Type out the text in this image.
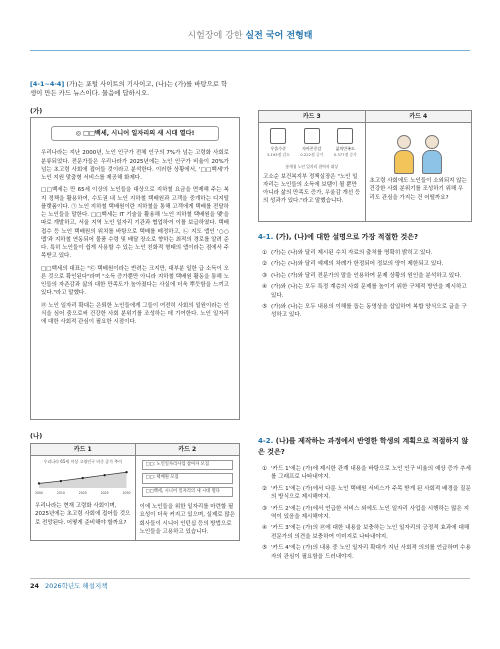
시험장에 강한 실전 국어 전형태
[4-1~4-4] (가)는 포털 사이트의 기사이고, (나)는 (가)를 바탕으로 학생이 만든 카드 뉴스이다. 물음에 답하시오.
(가)
◎ □□백세, 시니어 일자리의 새 시대 열다!

우리나라는 지난 2000년, 노인 인구가 전체 인구의 7%가 넘는 고령화 사회로 분류되었다. 전문가들은 우리나라가 2025년에는 노인 인구가 비율이 20%가 넘는 초고령 사회에 접어들 것이라고 분석한다. 이러한 상황에서, '□□백세'가 노인 지원 맞춤형 서비스를 제공해 화제다.

□□백세는 만 65세 이상의 노인들을 대상으로 지하철 요금을 면제해 주는 복지 정책을 활용하여, 수도권 내 노인 지하철 택배원과 고객을 중개하는 디지털 플랫폼이다. ㉠ 노인 지하철 택배원이란 지하철을 통해 고객에게 택배를 전달하는 노인들을 말한다. □□백세는 IT 기술을 활용해 '노인 지하철 택배원을 맺'을 따로 개발하고, 서울 지역 노인 일자리 기관과 협업하여 이를 보급하였다. 택배 접수 등 노인 택배원의 위치를 바탕으로 택배를 배정하고, ㉡ 지도 앱인 '○○맵'과 지하철 연동되어 물품 수령 및 배달 장소로 향하는 최적의 경로를 알려 준다. 특히 노인들이 쉽게 사용할 수 있는 노인 친화적 형태의 앱이라는 점에서 주목받고 있다.

□□백세의 대표는 "㉢ 택배원이라는 반려는 크지만, 대부분 일한 급 소득이 오른 것으로 확인된다"라며 "소득 증가뿐만 아니라 지하철 택배원 활동을 통해 노인들의 자존감과 삶의 대한 만족도가 높아졌다는 사실에 더욱 뿌듯함을 느끼고 있다."라고 말했다.

㉣ 노인 일자리 확대는 은퇴한 노인들에게 그들이 여전히 사회의 일원이라는 인식을 심어 줌으로써 건강한 사회 분위기를 조성하는 데 기여한다. 노인 일자리에 대한 사회적 관심이 필요한 시점이다.

(나)
카드 1
우리나라 65세 이상 고령인구 비중 증가 추이
2000	2010	2020	2025	2030
우리나라는 현재 고령화 사회이며, 2025년에는 초고령 사회에 접어들 것으로 전망된다. 어떻게 준비해야 할까요?
카드 2
□□: 노인일자리사업 참여자 모집
□□: 택배원 모집
□□백세, 시니어 일자리의 새 시대 열다
이에 노인들을 위한 일자리를 마련할 필요성이 더욱 커지고 있으며, 실제로 많은 회사들이 시니어 인턴십 등의 방법으로 노인들을 고용하고 있습니다.
카드 3
우울수준
3.193점 감소
자아존중감
0.222점 증가
삶의만족도
0.377점 증가
통계청 노인 일자리 참여자 대상
고소순 보건복지부 정책실장은 "노인 일자리는 노인들의 소득에 보탬이 될 뿐만 아니라 삶의 만족도 증가, 우울감 개선 등의 성과가 있다."라고 말했습니다.
카드 4
초고령 사회에도 노인들이 소외되지 않는 건강한 사회 분위기를 조성하기 위해 우리도 관심을 가지는 건 어떨까요?
4-1. (가), (나)에 대한 설명으로 가장 적절한 것은?
① (가)는 (나)와 달리 제시된 수치 자료의 출처를 명확히 밝히고 있다.
② (가)는 (나)와 달리 예제의 차례가 한정되어 정보의 양이 제한되고 있다.
③ (나)는 (가)와 달리 전문가의 말을 인용하여 문제 상황의 원인을 분석하고 있다.
④ (가)와 (나)는 모두 특정 계층의 사회 문제를 높이기 위한 구체적 방안을 제시하고 있다.
⑤ (가)와 (나)는 모두 내용의 이해를 돕는 동영상을 삽입하여 복합 양식으로 글을 구성하고 있다.
4-2. (나)를 제작하는 과정에서 반영한 학생의 계획으로 적절하지 않은 것은?
① '카드 1'에는 (가)에 제시한 관계 내용을 바탕으로 노인 인구 비율의 예상 증가 추세를 그래프로 나타내야지.
② '카드 1'에는 (가)에서 다룬 노인 택배원 서비스가 주목 받게 된 사회적 배경을 질문의 방식으로 제시해야지.
③ '카드 2'에는 (가)에서 언급한 서비스 외에도 노인 일자리 사업을 시행하는 많은 지역이 있음을 제시해야지.
④ '카드 3'에는 (가)의 ㉣에 대한 내용을 보충하는 노인 일자리의 긍정적 효과에 대해 전문가의 의견을 보충하여 이미지로 나타내야지.
⑤ '카드 4'에는 (가)의 내용 중 노인 일자리 확대가 지닌 사회적 의의를 언급하며 수용자의 관심이 필요함을 드러내야지.
24 2026학년도 해설지책
